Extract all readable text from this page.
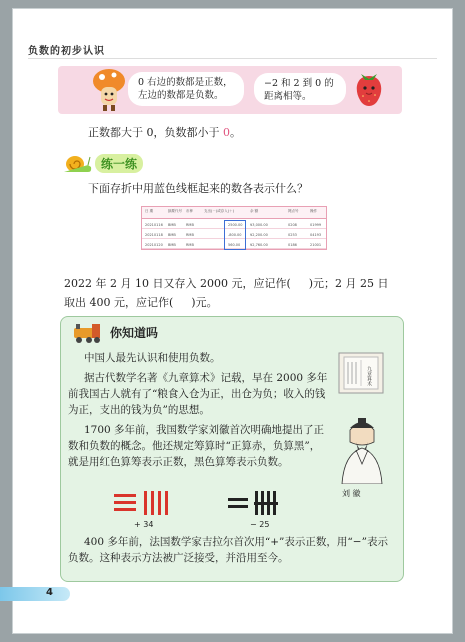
负数的初步认识
0 右边的数都是正数，
左边的数都是负数。
−2 和 2 到 0 的
距离相等。
正数都大于 0，负数都小于 0。
练一练
下面存折中用蓝色线框起来的数各表示什么？
日 期	摘要代号 币种	支出(－)或存入(＋)	余 额	网点号	操作
20210116 BMB	RMB	2500.00 ¥3,000.00	0208	01999
20210118 BMB	RMB	-800.00 ¥2,200.00	0253	04193
20210120 BMB	RMB	560.00	¥2,760.00	0186	21001
2022 年 2 月 10 日又存入 2000 元，应记作( )元；2 月 25 日
取出 400 元，应记作( )元。
你知道吗
中国人最先认识和使用负数。
据古代数学名著《九章算术》记载，早在 2000 多年前我国古人就有了“粮食入仓为正，出仓为负；收入的钱为正，支出的钱为负”的思想。
1700 多年前，我国数学家刘徽首次明确地提出了正数和负数的概念。他还规定筹算时“正算赤，负算黑”，就是用红色算筹表示正数，黑色算筹表示负数。
九章算术
刘 徽
+ 34	− 25
400 多年前，法国数学家吉拉尔首次用“+”表示正数，用“−”表示负数。这种表示方法被广泛接受，并沿用至今。
4
